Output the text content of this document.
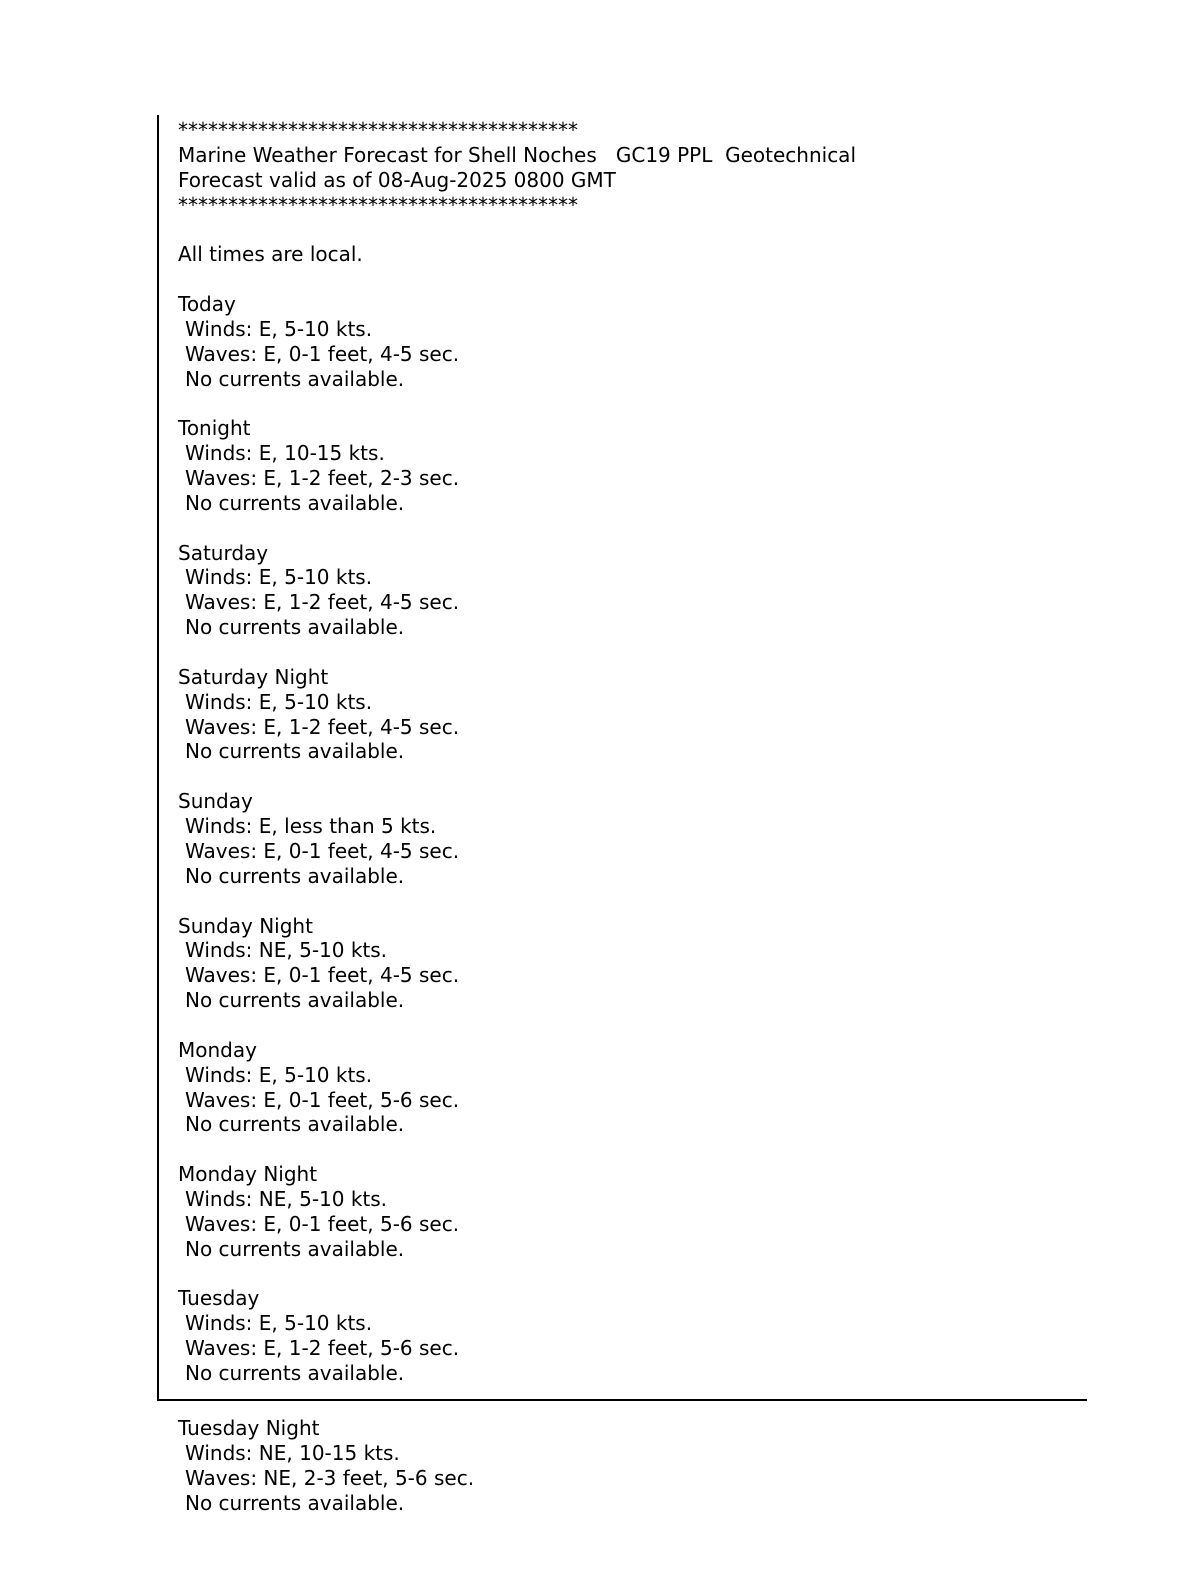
****************************************
Marine Weather Forecast for Shell Noches   GC19 PPL  Geotechnical
Forecast valid as of 08-Aug-2025 0800 GMT
****************************************
All times are local.
Today
Winds: E, 5-10 kts.
Waves: E, 0-1 feet, 4-5 sec.
No currents available.
Tonight
Winds: E, 10-15 kts.
Waves: E, 1-2 feet, 2-3 sec.
No currents available.
Saturday
Winds: E, 5-10 kts.
Waves: E, 1-2 feet, 4-5 sec.
No currents available.
Saturday Night
Winds: E, 5-10 kts.
Waves: E, 1-2 feet, 4-5 sec.
No currents available.
Sunday
Winds: E, less than 5 kts.
Waves: E, 0-1 feet, 4-5 sec.
No currents available.
Sunday Night
Winds: NE, 5-10 kts.
Waves: E, 0-1 feet, 4-5 sec.
No currents available.
Monday
Winds: E, 5-10 kts.
Waves: E, 0-1 feet, 5-6 sec.
No currents available.
Monday Night
Winds: NE, 5-10 kts.
Waves: E, 0-1 feet, 5-6 sec.
No currents available.
Tuesday
Winds: E, 5-10 kts.
Waves: E, 1-2 feet, 5-6 sec.
No currents available.
Tuesday Night
Winds: NE, 10-15 kts.
Waves: NE, 2-3 feet, 5-6 sec.
No currents available.
